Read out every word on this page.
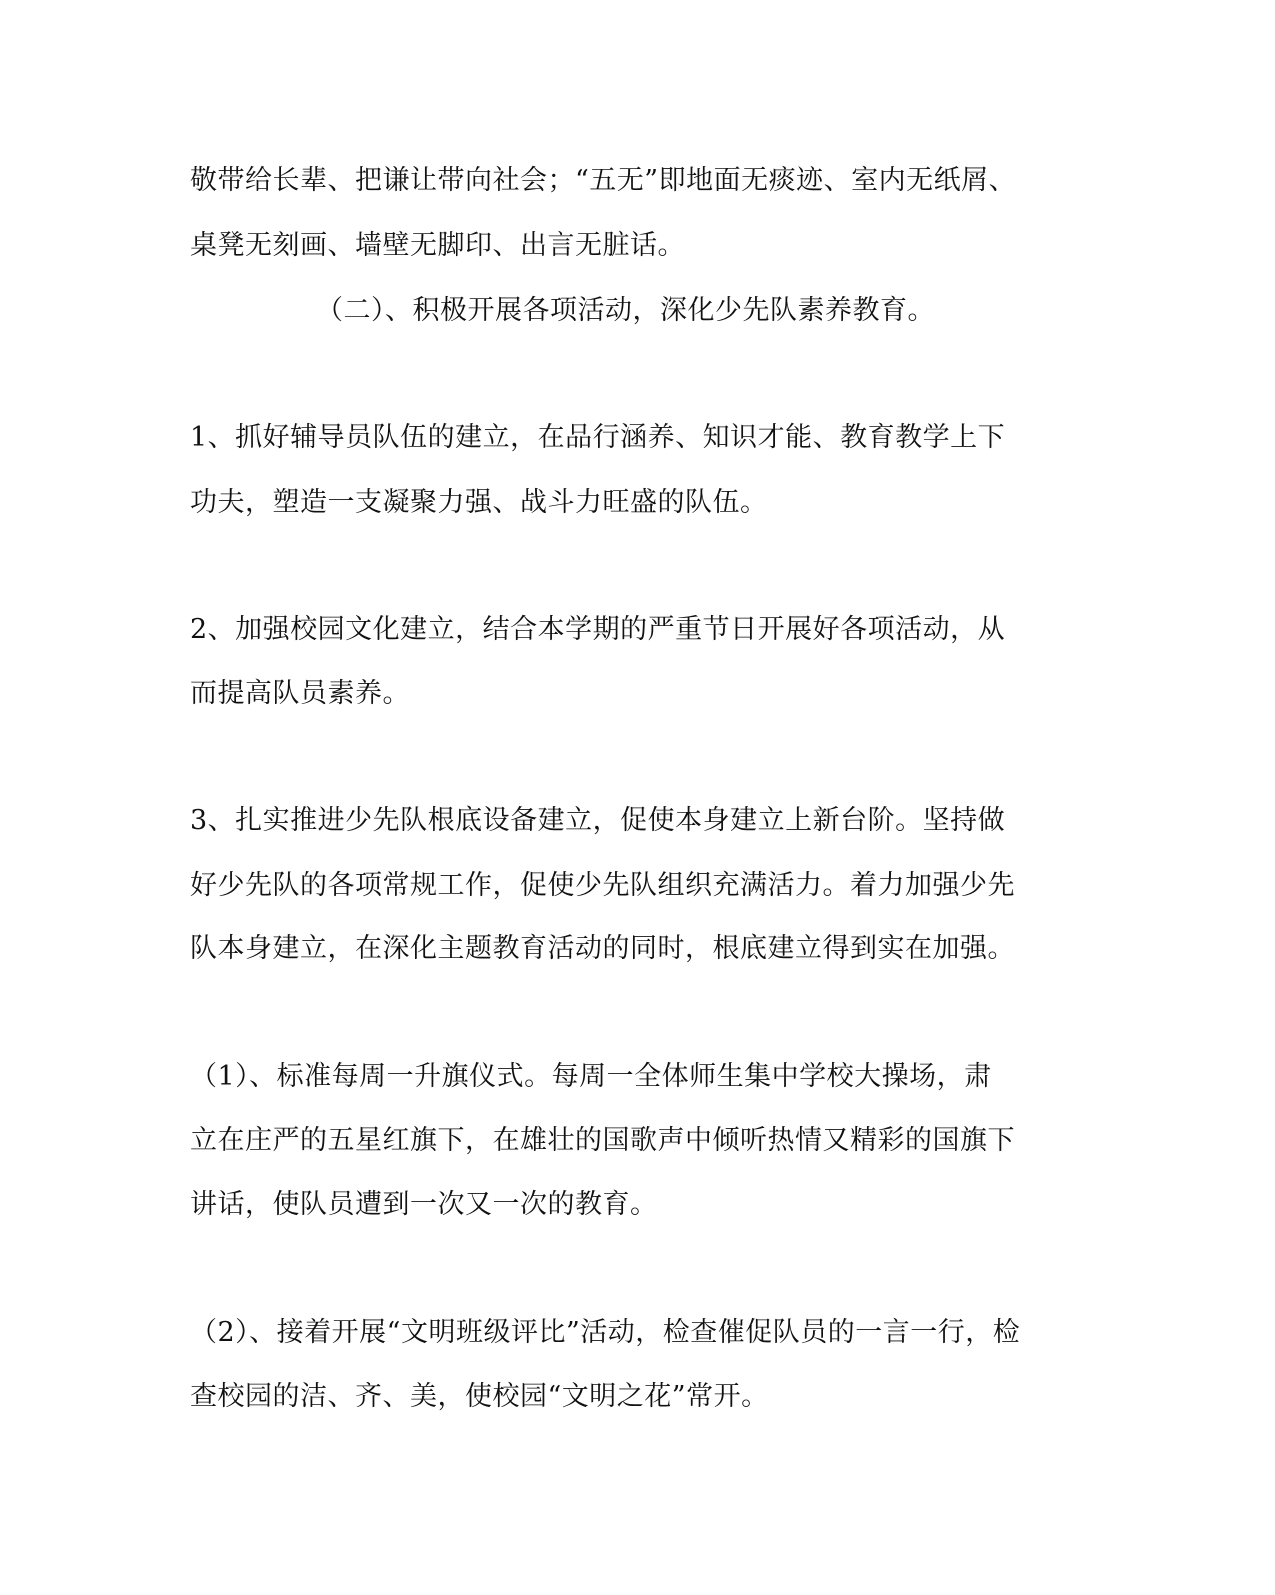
敬带给长辈、把谦让带向社会；“五无”即地面无痰迹、室内无纸屑、
桌凳无刻画、墙壁无脚印、出言无脏话。
（二）、积极开展各项活动，深化少先队素养教育。
1、抓好辅导员队伍的建立，在品行涵养、知识才能、教育教学上下
功夫，塑造一支凝聚力强、战斗力旺盛的队伍。
2、加强校园文化建立，结合本学期的严重节日开展好各项活动，从
而提高队员素养。
3、扎实推进少先队根底设备建立，促使本身建立上新台阶。坚持做
好少先队的各项常规工作，促使少先队组织充满活力。着力加强少先
队本身建立，在深化主题教育活动的同时，根底建立得到实在加强。
（1）、标准每周一升旗仪式。每周一全体师生集中学校大操场，肃
立在庄严的五星红旗下，在雄壮的国歌声中倾听热情又精彩的国旗下
讲话，使队员遭到一次又一次的教育。
（2）、接着开展“文明班级评比”活动，检查催促队员的一言一行，检
查校园的洁、齐、美，使校园“文明之花”常开。
